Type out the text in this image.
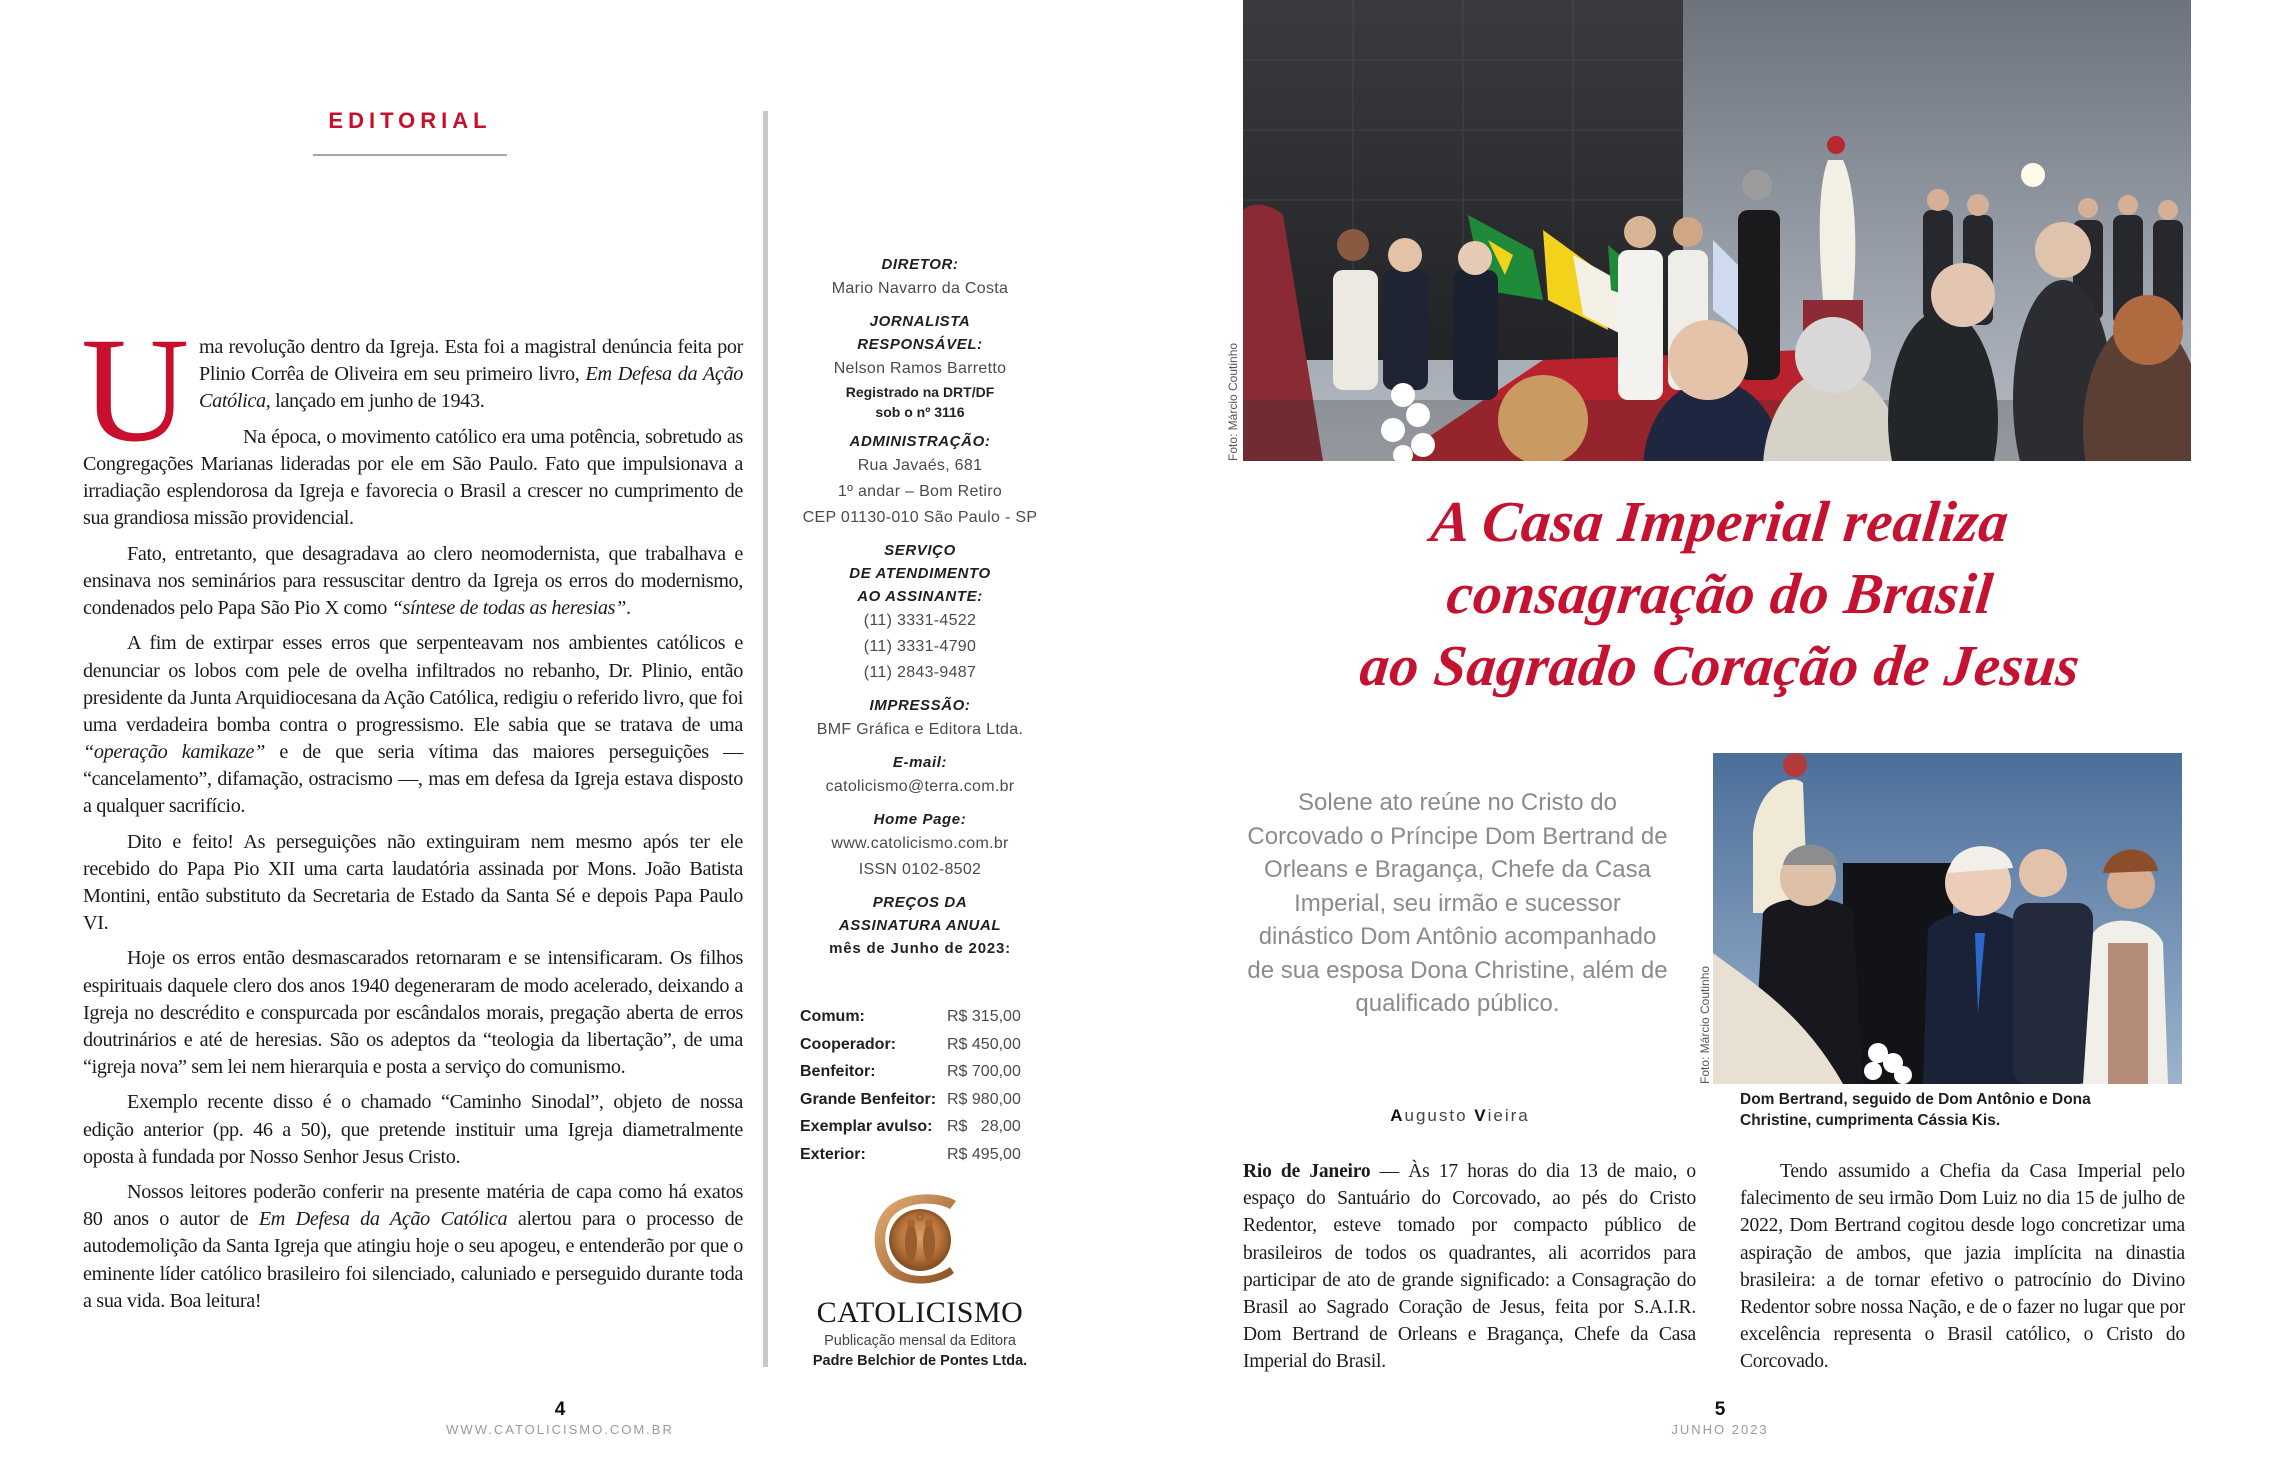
EDITORIAL
U ma revolução dentro da Igreja. Esta foi a magistral denúncia feita por Plinio Corrêa de Oliveira em seu primeiro livro, Em Defesa da Ação Católica, lançado em junho de 1943.

Na época, o movimento católico era uma potência, sobretudo as Congregações Marianas lideradas por ele em São Paulo. Fato que impulsionava a irradiação esplendorosa da Igreja e favorecia o Brasil a crescer no cumprimento de sua grandiosa missão providencial.

Fato, entretanto, que desagradava ao clero neomodernista, que trabalhava e ensinava nos seminários para ressuscitar dentro da Igreja os erros do modernismo, condenados pelo Papa São Pio X como “síntese de todas as heresias”.

A fim de extirpar esses erros que serpenteavam nos ambientes católicos e denunciar os lobos com pele de ovelha infiltrados no rebanho, Dr. Plinio, então presidente da Junta Arquidiocesana da Ação Católica, redigiu o referido livro, que foi uma verdadeira bomba contra o progressismo. Ele sabia que se tratava de uma “operação kamikaze” e de que seria vítima das maiores perseguições — “cancelamento”, difamação, ostracismo —, mas em defesa da Igreja estava disposto a qualquer sacrifício.

Dito e feito! As perseguições não extinguiram nem mesmo após ter ele recebido do Papa Pio XII uma carta laudatória assinada por Mons. João Batista Montini, então substituto da Secretaria de Estado da Santa Sé e depois Papa Paulo VI.

Hoje os erros então desmascarados retornaram e se intensificaram. Os filhos espirituais daquele clero dos anos 1940 degeneraram de modo acelerado, deixando a Igreja no descrédito e conspurcada por escândalos morais, pregação aberta de erros doutrinários e até de heresias. São os adeptos da “teologia da libertação”, de uma “igreja nova” sem lei nem hierarquia e posta a serviço do comunismo.

Exemplo recente disso é o chamado “Caminho Sinodal”, objeto de nossa edição anterior (pp. 46 a 50), que pretende instituir uma Igreja diametralmente oposta à fundada por Nosso Senhor Jesus Cristo.

Nossos leitores poderão conferir na presente matéria de capa como há exatos 80 anos o autor de Em Defesa da Ação Católica alertou para o processo de autodemolição da Santa Igreja que atingiu hoje o seu apogeu, e entenderão por que o eminente líder católico brasileiro foi silenciado, caluniado e perseguido durante toda a sua vida. Boa leitura!

DIRETOR:
Mario Navarro da Costa
JORNALISTA
RESPONSÁVEL:
Nelson Ramos Barretto
Registrado na DRT/DF
sob o nº 3116
ADMINISTRAÇÃO:
Rua Javaés, 681
1º andar – Bom Retiro
CEP 01130-010 São Paulo - SP
SERVIÇO
DE ATENDIMENTO
AO ASSINANTE:
(11) 3331-4522
(11) 3331-4790
(11) 2843-9487
IMPRESSÃO:
BMF Gráfica e Editora Ltda.
E-mail:
catolicismo@terra.com.br
Home Page:
www.catolicismo.com.br
ISSN 0102-8502
PREÇOS DA
ASSINATURA ANUAL
mês de Junho de 2023:
Comum:	R$ 315,00
Cooperador:	R$ 450,00
Benfeitor:	R$ 700,00
Grande Benfeitor: R$ 980,00
Exemplar avulso: R$   28,00
Exterior:	R$ 495,00
CATOLICISMO
Publicação mensal da Editora
Padre Belchior de Pontes Ltda.
4
WWW.CATOLICISMO.COM.BR
Foto: Márcio Coutinho
A Casa Imperial realiza
consagração do Brasil
ao Sagrado Coração de Jesus
Solene ato reúne no Cristo do Corcovado o Príncipe Dom Bertrand de Orleans e Bragança, Chefe da Casa Imperial, seu irmão e sucessor dinástico Dom Antônio acompanhado de sua esposa Dona Christine, além de qualificado público.
Augusto Vieira
Foto: Márcio Coutinho
Dom Bertrand, seguido de Dom Antônio e Dona Christine, cumprimenta Cássia Kis.
Rio de Janeiro — Às 17 horas do dia 13 de maio, o espaço do Santuário do Corcovado, ao pés do Cristo Redentor, esteve tomado por compacto público de brasileiros de todos os quadrantes, ali acorridos para participar de ato de grande significado: a Consagração do Brasil ao Sagrado Coração de Jesus, feita por S.A.I.R. Dom Bertrand de Orleans e Bragança, Chefe da Casa Imperial do Brasil.

Tendo assumido a Chefia da Casa Imperial pelo falecimento de seu irmão Dom Luiz no dia 15 de julho de 2022, Dom Bertrand cogitou desde logo concretizar uma aspiração de ambos, que jazia implícita na dinastia brasileira: a de tornar efetivo o patrocínio do Divino Redentor sobre nossa Nação, e de o fazer no lugar que por excelência representa o Brasil católico, o Cristo do Corcovado.

5
JUNHO 2023
